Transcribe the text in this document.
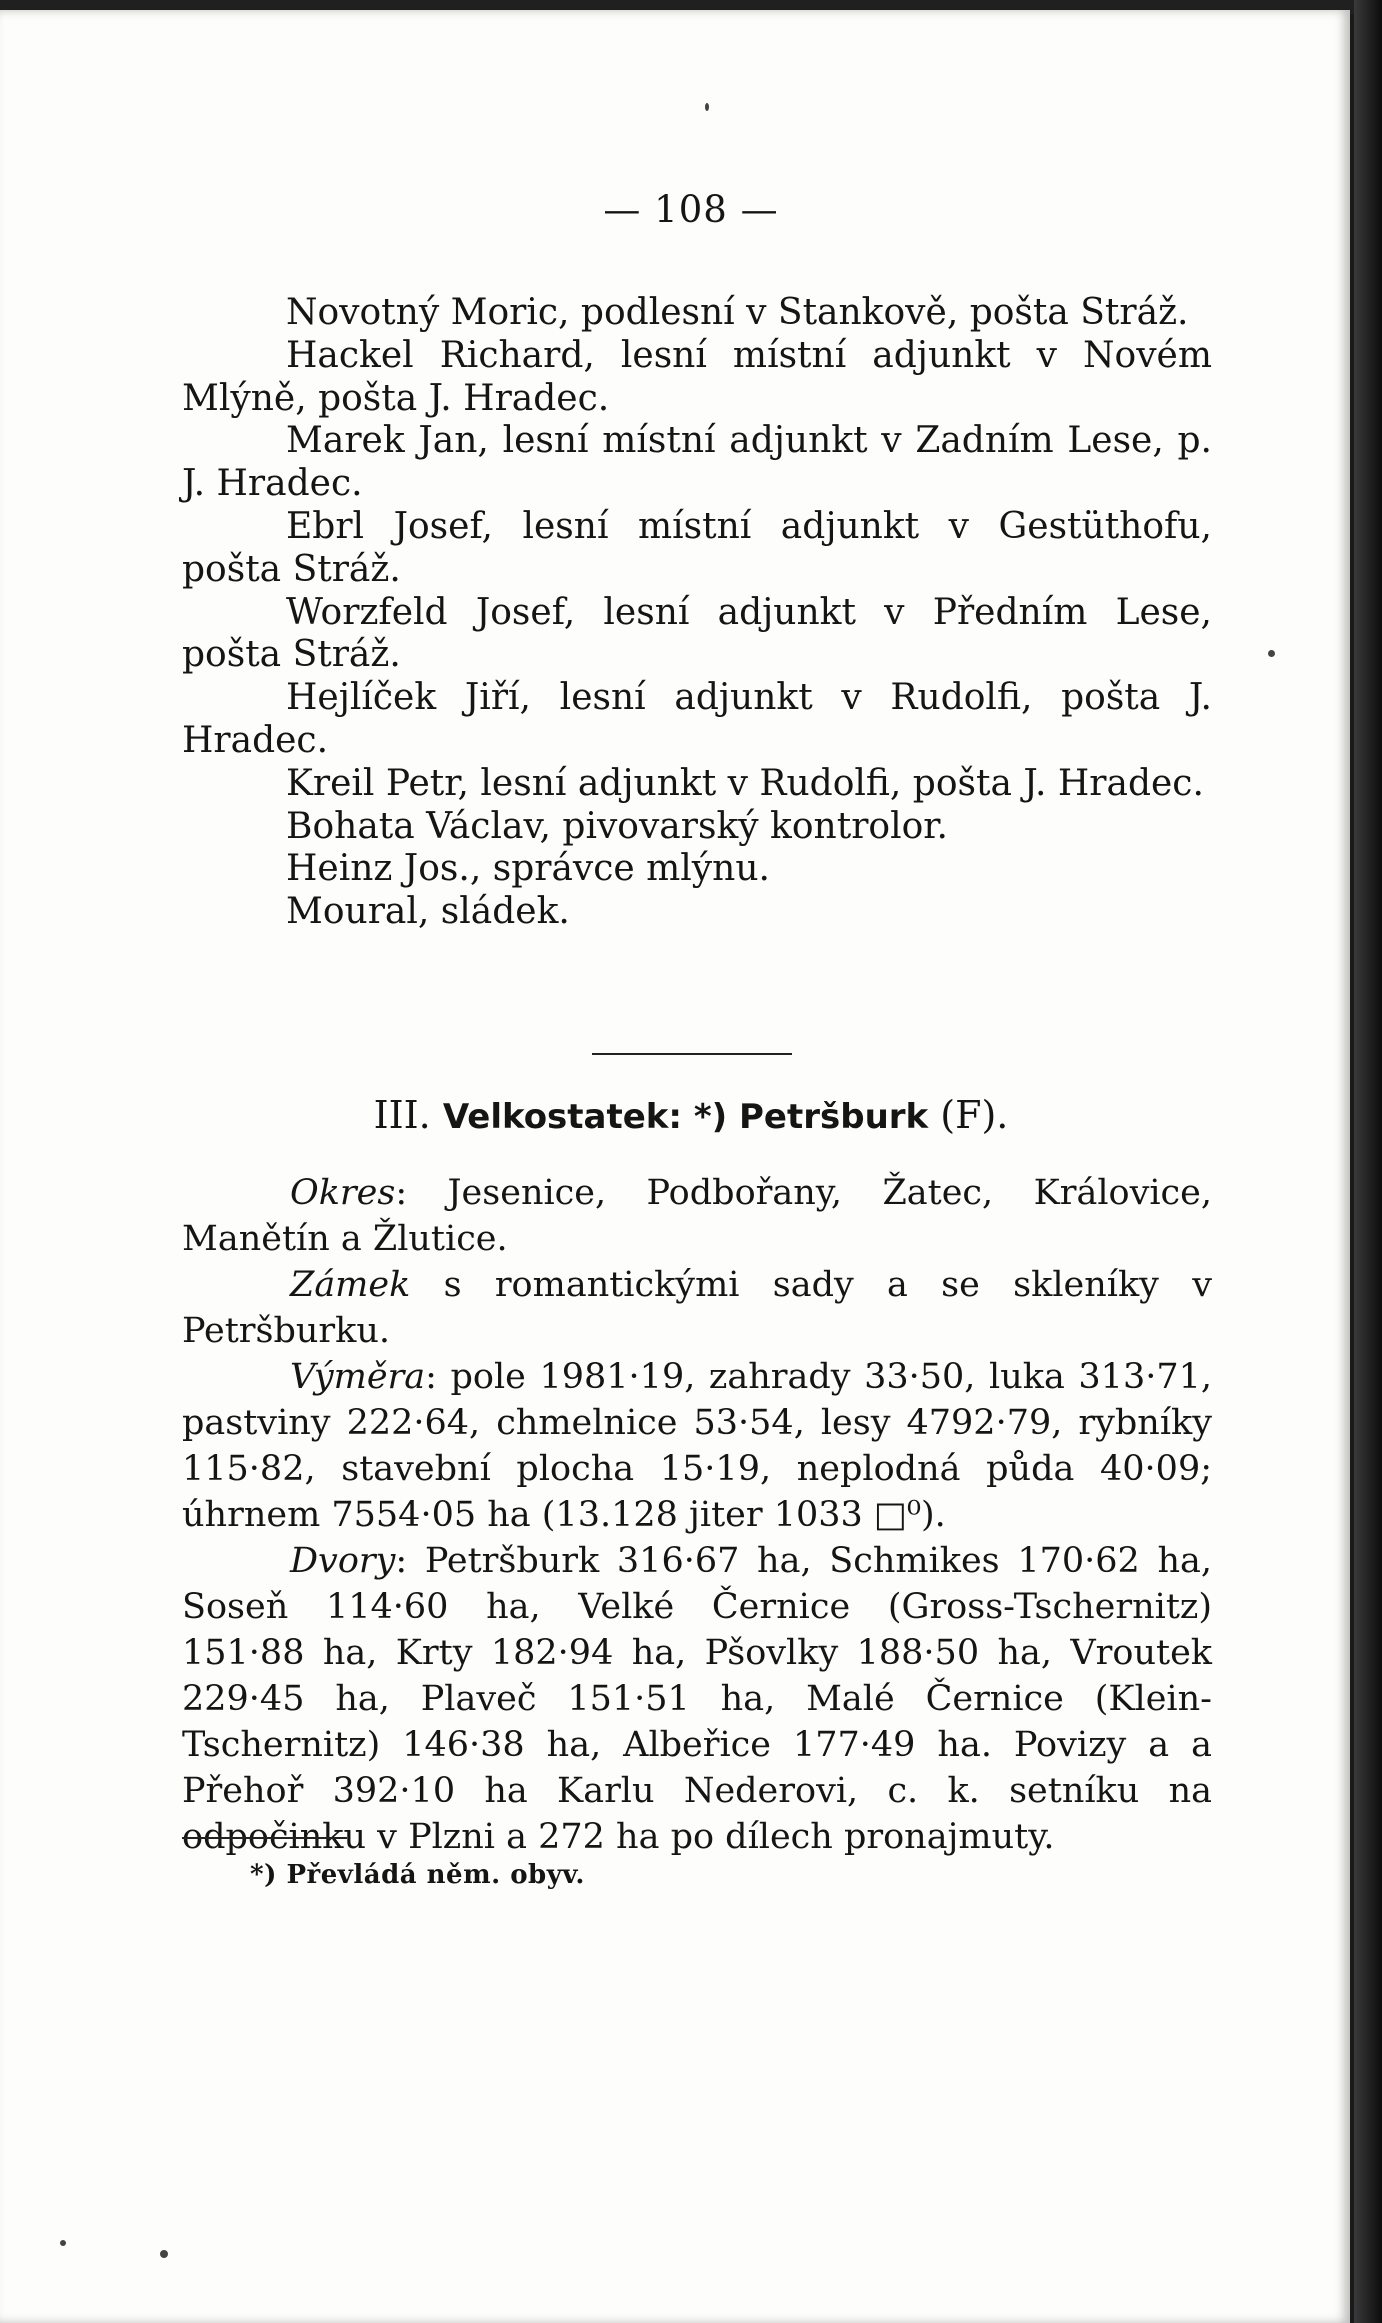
— 108 —

Novotný Moric, podlesní v Stankově, pošta Stráž.

Hackel Richard, lesní místní adjunkt v Novém Mlýně, pošta J. Hradec.

Marek Jan, lesní místní adjunkt v Zadním Lese, p. J. Hradec.

Ebrl Josef, lesní místní adjunkt v Gestüthofu, pošta Stráž.

Worzfeld Josef, lesní adjunkt v Předním Lese, pošta Stráž.

Hejlíček Jiří, lesní adjunkt v Rudolfi, pošta J. Hradec.

Kreil Petr, lesní adjunkt v Rudolfi, pošta J. Hradec.

Bohata Václav, pivovarský kontrolor.

Heinz Jos., správce mlýnu.

Moural, sládek.

III. Velkostatek: *) Petršburk (F).

Okres: Jesenice, Podbořany, Žatec, Královice, Manětín a Žlutice.

Zámek s romantickými sady a se skleníky v Petršburku.

Výměra: pole 1981·19, zahrady 33·50, luka 313·71, pastviny 222·64, chmelnice 53·54, lesy 4792·79, rybníky 115·82, stavební plocha 15·19, neplodná půda 40·09; úhrnem 7554·05 ha (13.128 jiter 1033 □⁰).

Dvory: Petršburk 316·67 ha, Schmikes 170·62 ha, Soseň 114·60 ha, Velké Černice (Gross-Tschernitz) 151·88 ha, Krty 182·94 ha, Pšovlky 188·50 ha, Vroutek 229·45 ha, Plaveč 151·51 ha, Malé Černice (Klein-Tschernitz) 146·38 ha, Albeřice 177·49 ha. Povizy a a Přehoř 392·10 ha Karlu Nederovi, c. k. setníku na odpočinku v Plzni a 272 ha po dílech pronajmuty.

*) Převládá něm. obyv.
